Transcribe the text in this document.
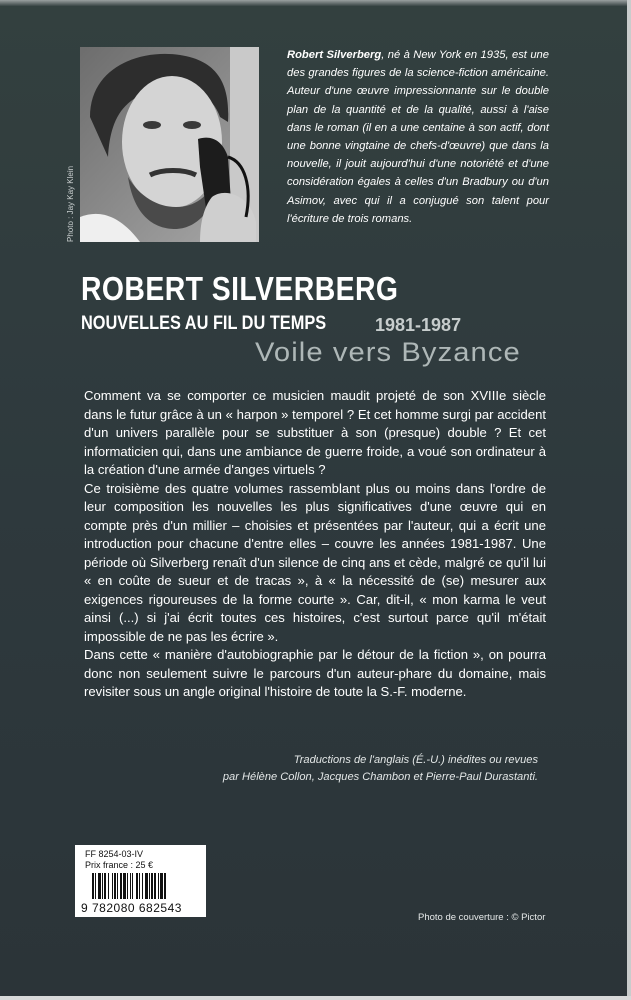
Photo : Jay Kay Klein
Robert Silverberg, né à New York en 1935, est une des grandes figures de la science-fiction américaine. Auteur d'une œuvre impressionnante sur le double plan de la quantité et de la qualité, aussi à l'aise dans le roman (il en a une centaine à son actif, dont une bonne vingtaine de chefs-d'œuvre) que dans la nouvelle, il jouit aujourd'hui d'une notoriété et d'une considération égales à celles d'un Bradbury ou d'un Asimov, avec qui il a conjugué son talent pour l'écriture de trois romans.
ROBERT SILVERBERG
NOUVELLES AU FIL DU TEMPS	1981-1987
Voile vers Byzance

Comment va se comporter ce musicien maudit projeté de son XVIIIe siècle dans le futur grâce à un « harpon » temporel ? Et cet homme surgi par accident d'un univers parallèle pour se substituer à son (presque) double ? Et cet informaticien qui, dans une ambiance de guerre froide, a voué son ordinateur à la création d'une armée d'anges virtuels ?

Ce troisième des quatre volumes rassemblant plus ou moins dans l'ordre de leur composition les nouvelles les plus significatives d'une œuvre qui en compte près d'un millier – choisies et présentées par l'auteur, qui a écrit une introduction pour chacune d'entre elles – couvre les années 1981-1987. Une période où Silverberg renaît d'un silence de cinq ans et cède, malgré ce qu'il lui « en coûte de sueur et de tracas », à « la nécessité de (se) mesurer aux exigences rigoureuses de la forme courte ». Car, dit-il, « mon karma le veut ainsi (...) si j'ai écrit toutes ces histoires, c'est surtout parce qu'il m'était impossible de ne pas les écrire ».

Dans cette « manière d'autobiographie par le détour de la fiction », on pourra donc non seulement suivre le parcours d'un auteur-phare du domaine, mais revisiter sous un angle original l'histoire de toute la S.-F. moderne.

Traductions de l'anglais (É.-U.) inédites ou revues
par Hélène Collon, Jacques Chambon et Pierre-Paul Durastanti.
FF 8254-03-IV
Prix france : 25 €
9 782080 682543
Photo de couverture : © Pictor
